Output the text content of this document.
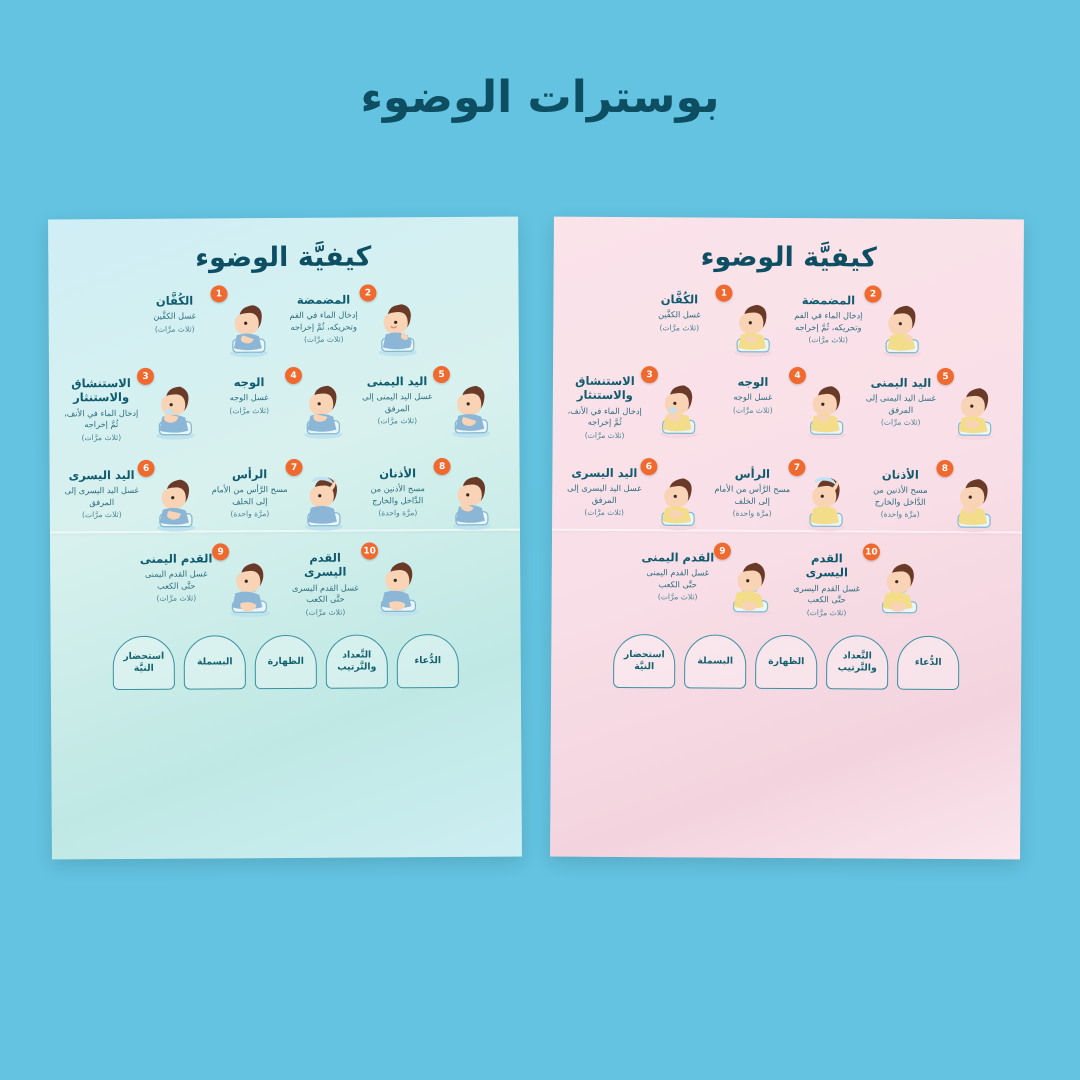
بوسترات الوضوء
كيفيَّة الوضوء
2
المضمضة
إدخال الماء في الفم وتحريكه، ثُمَّ إخراجه
(ثلاث مرَّات)
1
الكُفَّان
غسل الكفَّين
(ثلاث مرَّات)
5
اليد اليمنى
غسل اليد اليمنى إلى المرفق
(ثلاث مرَّات)
4
الوجه
غسل الوجه
(ثلاث مرَّات)
3
الاستنشاق والاستنثار
إدخال الماء في الأنف، ثُمَّ إخراجه
(ثلاث مرَّات)
8
الأذنان
مسح الأذنين من الدَّاخل والخارج
(مرَّة واحدة)
7
الرأس
مسح الرَّأس من الأمام إلى الخلف
(مرَّة واحدة)
6
اليد اليسرى
غسل اليد اليسرى إلى المرفق
(ثلاث مرَّات)
10
القدم اليسرى
غسل القدم اليسرى حتَّى الكعب
(ثلاث مرَّات)
9
القدم اليمنى
غسل القدم اليمنى حتَّى الكعب
(ثلاث مرَّات)
استحضار النيَّة
البسملة	الظهارة
التَّعداد والتَّرتيب
الدُّعاء
كيفيَّة الوضوء
2
المضمضة
إدخال الماء في الفم وتحريكه، ثُمَّ إخراجه
(ثلاث مرَّات)
1
الكُفَّان
غسل الكفَّين
(ثلاث مرَّات)
5
اليد اليمنى
غسل اليد اليمنى إلى المرفق
(ثلاث مرَّات)
4
الوجه
غسل الوجه
(ثلاث مرَّات)
3
الاستنشاق والاستنثار
إدخال الماء في الأنف، ثُمَّ إخراجه
(ثلاث مرَّات)
8
الأذنان
مسح الأذنين من الدَّاخل والخارج
(مرَّة واحدة)
7
الرأس
مسح الرَّأس من الأمام إلى الخلف
(مرَّة واحدة)
6
اليد اليسرى
غسل اليد اليسرى إلى المرفق
(ثلاث مرَّات)
10
القدم اليسرى
غسل القدم اليسرى حتَّى الكعب
(ثلاث مرَّات)
9
القدم اليمنى
غسل القدم اليمنى حتَّى الكعب
(ثلاث مرَّات)
استحضار النيَّة	البسملة	الظهارة	التَّعداد والتَّرتيب	الدُّعاء
